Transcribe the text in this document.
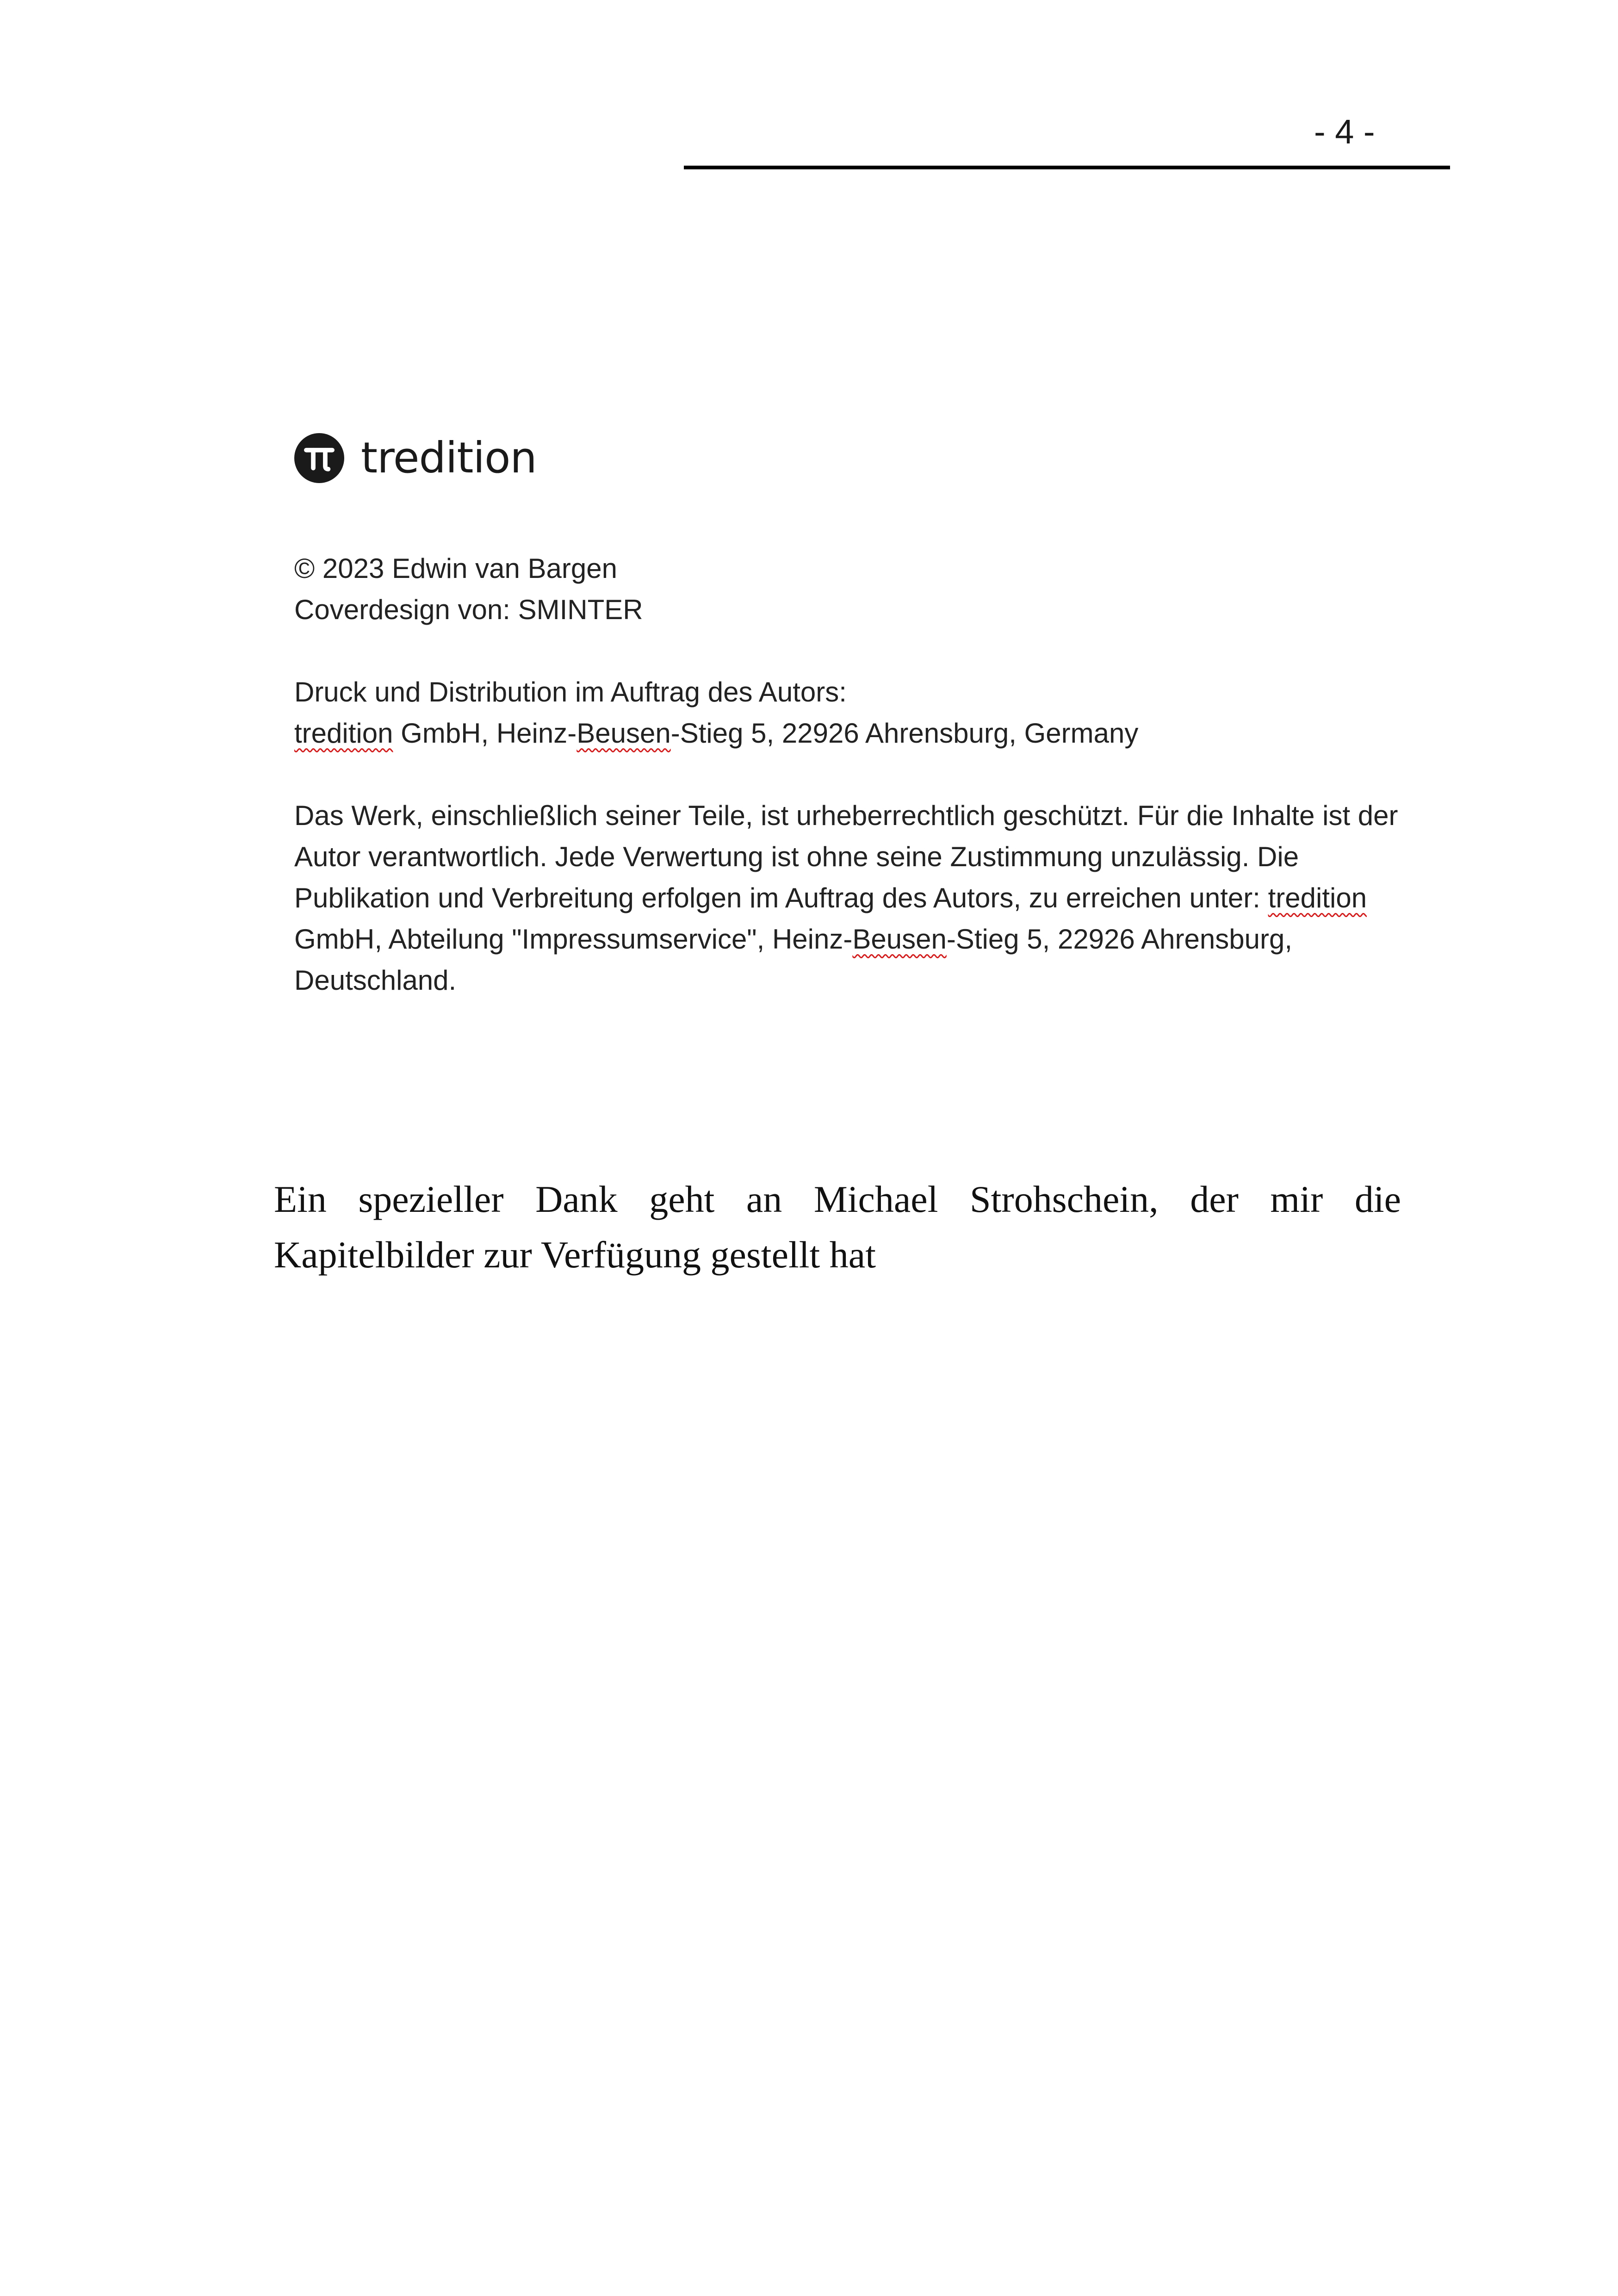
- 4 -
tredition

© 2023 Edwin van Bargen

Coverdesign von: SMINTER

Druck und Distribution im Auftrag des Autors:

tredition GmbH, Heinz-Beusen-Stieg 5, 22926 Ahrensburg, Germany

Das Werk, einschließlich seiner Teile, ist urheberrechtlich geschützt. Für die Inhalte ist der Autor verantwortlich. Jede Verwertung ist ohne seine Zustimmung unzulässig. Die Publikation und Verbreitung erfolgen im Auftrag des Autors, zu erreichen unter: tredition GmbH, Abteilung "Impressumservice", Heinz-Beusen-Stieg 5, 22926 Ahrensburg, Deutschland.

Ein spezieller Dank geht an Michael Strohschein, der mir die Kapitelbilder zur Verfügung gestellt hat
